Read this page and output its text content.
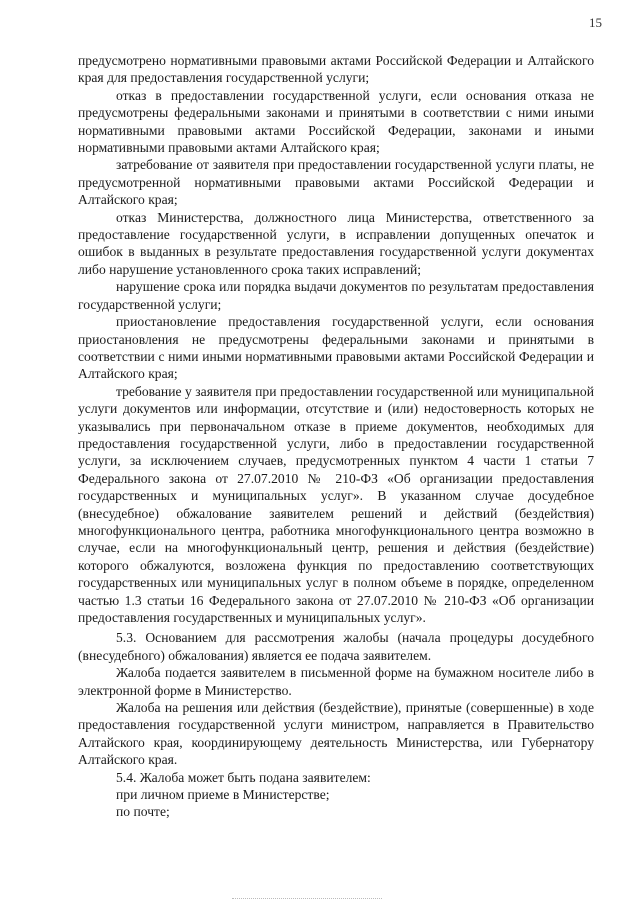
15

предусмотрено нормативными правовыми актами Российской Федерации и Алтайского края для предоставления государственной услуги;

отказ в предоставлении государственной услуги, если основания отказа не предусмотрены федеральными законами и принятыми в соответствии с ними иными нормативными правовыми актами Российской Федерации, законами и иными нормативными правовыми актами Алтайского края;

затребование от заявителя при предоставлении государственной услуги платы, не предусмотренной нормативными правовыми актами Российской Федерации и Алтайского края;

отказ Министерства, должностного лица Министерства, ответственного за предоставление государственной услуги, в исправлении допущенных опечаток и ошибок в выданных в результате предоставления государственной услуги документах либо нарушение установленного срока таких исправлений;

нарушение срока или порядка выдачи документов по результатам предоставления государственной услуги;

приостановление предоставления государственной услуги, если основания приостановления не предусмотрены федеральными законами и принятыми в соответствии с ними иными нормативными правовыми актами Российской Федерации и Алтайского края;

требование у заявителя при предоставлении государственной или муниципальной услуги документов или информации, отсутствие и (или) недостоверность которых не указывались при первоначальном отказе в приеме документов, необходимых для предоставления государственной услуги, либо в предоставлении государственной услуги, за исключением случаев, предусмотренных пунктом 4 части 1 статьи 7 Федерального закона от 27.07.2010 № 210-ФЗ «Об организации предоставления государственных и муниципальных услуг». В указанном случае досудебное (внесудебное) обжалование заявителем решений и действий (бездействия) многофункционального центра, работника многофункционального центра возможно в случае, если на многофункциональный центр, решения и действия (бездействие) которого обжалуются, возложена функция по предоставлению соответствующих государственных или муниципальных услуг в полном объеме в порядке, определенном частью 1.3 статьи 16 Федерального закона от 27.07.2010 № 210-ФЗ «Об организации предоставления государственных и муниципальных услуг».

5.3. Основанием для рассмотрения жалобы (начала процедуры досудебного (внесудебного) обжалования) является ее подача заявителем.

Жалоба подается заявителем в письменной форме на бумажном носителе либо в электронной форме в Министерство.

Жалоба на решения или действия (бездействие), принятые (совершенные) в ходе предоставления государственной услуги министром, направляется в Правительство Алтайского края, координирующему деятельность Министерства, или Губернатору Алтайского края.

5.4. Жалоба может быть подана заявителем:

при личном приеме в Министерстве;

по почте;
